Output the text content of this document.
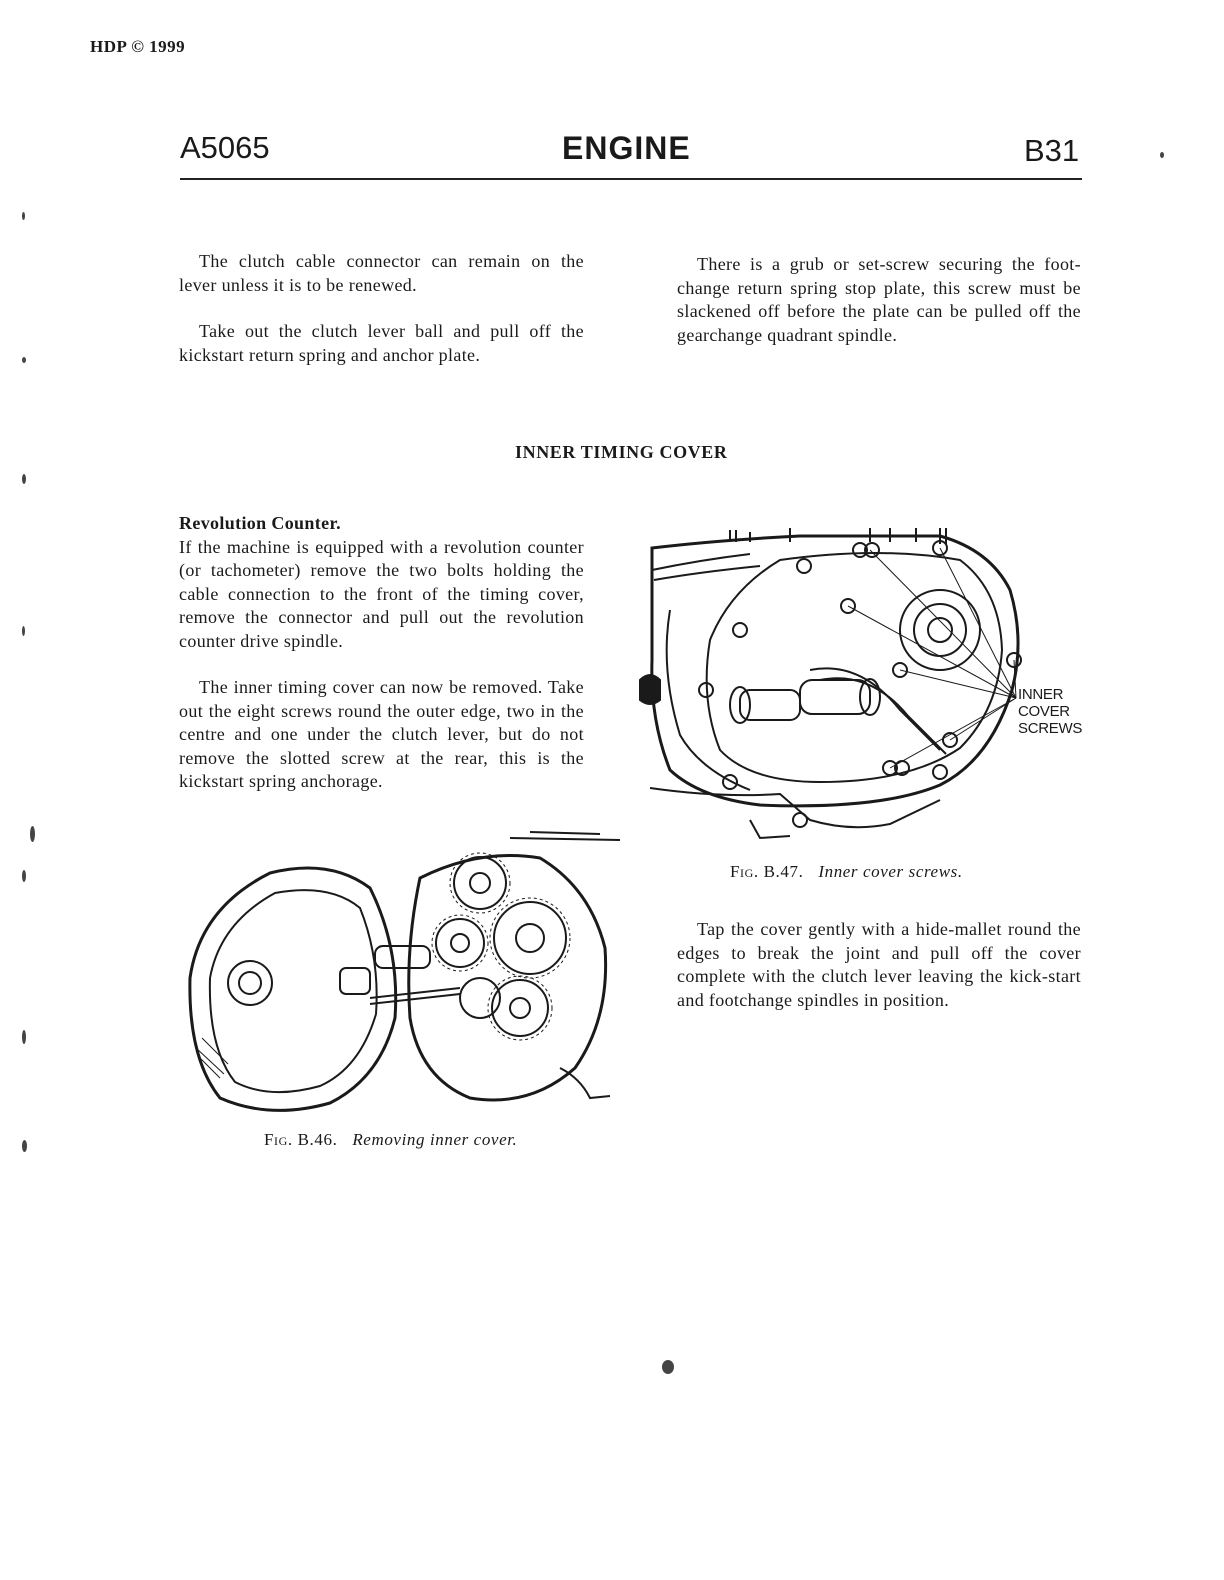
HDP © 1999
A5065	ENGINE	B31

The clutch cable connector can remain on the lever unless it is to be renewed.

Take out the clutch lever ball and pull off the kickstart return spring and anchor plate.

There is a grub or set-screw securing the foot-change return spring stop plate, this screw must be slackened off before the plate can be pulled off the gearchange quadrant spindle.

INNER TIMING COVER
Revolution Counter.

If the machine is equipped with a revolution counter (or tachometer) remove the two bolts holding the cable connection to the front of the timing cover, remove the connector and pull out the revolution counter drive spindle.

The inner timing cover can now be removed. Take out the eight screws round the outer edge, two in the centre and one under the clutch lever, but do not remove the slotted screw at the rear, this is the kickstart spring anchorage.

INNER
COVER
SCREWS
Fig. B.47. Inner cover screws.

Tap the cover gently with a hide-mallet round the edges to break the joint and pull off the cover complete with the clutch lever leaving the kick-start and footchange spindles in position.

Fig. B.46. Removing inner cover.
